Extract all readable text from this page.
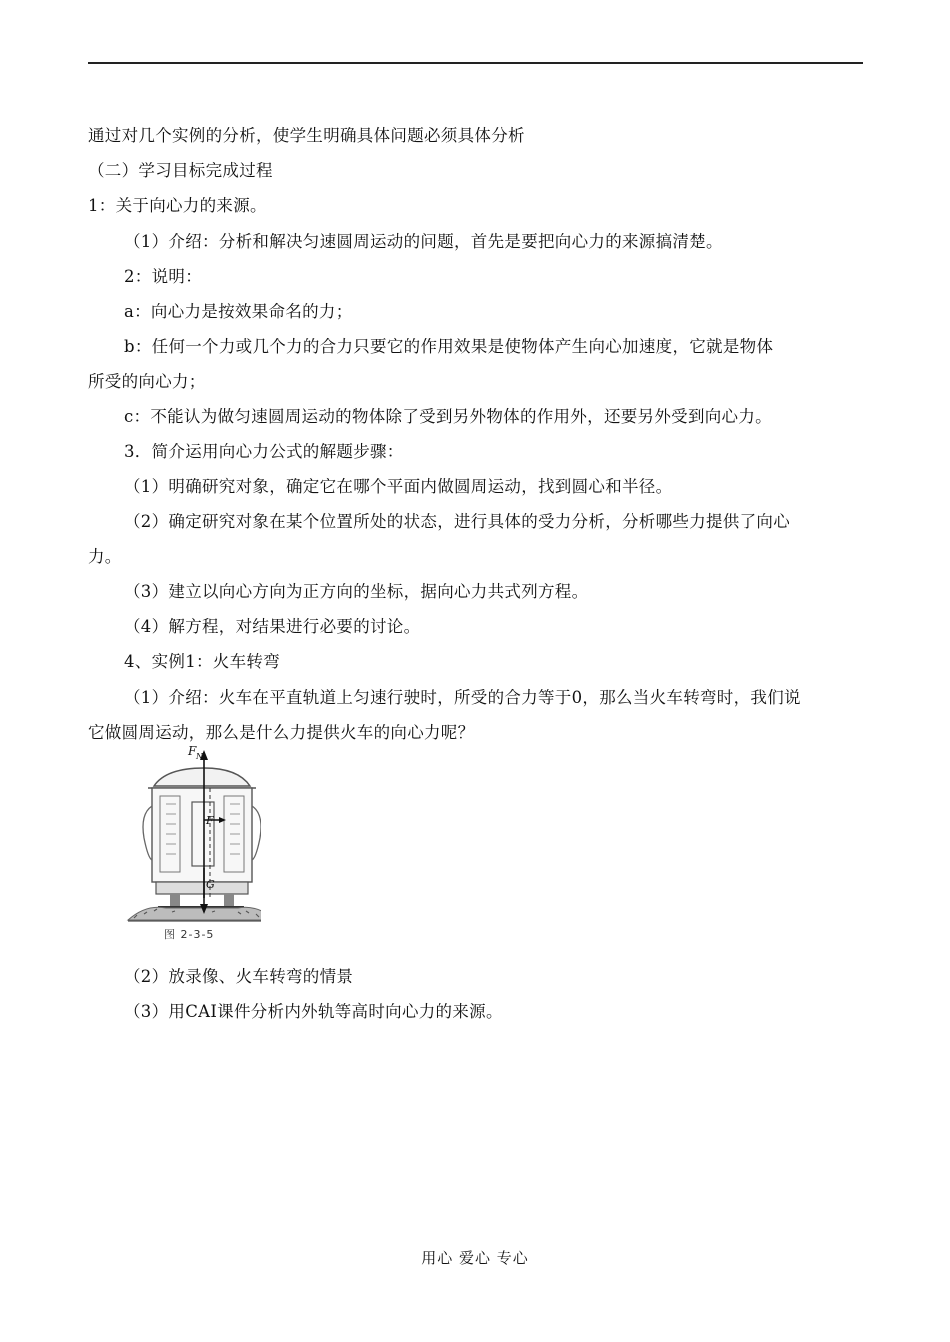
通过对几个实例的分析，使学生明确具体问题必须具体分析
（二）学习目标完成过程
1：关于向心力的来源。
（1）介绍：分析和解决匀速圆周运动的问题，首先是要把向心力的来源搞清楚。
2：说明：
a：向心力是按效果命名的力；
b：任何一个力或几个力的合力只要它的作用效果是使物体产生向心加速度，它就是物体
所受的向心力；
c：不能认为做匀速圆周运动的物体除了受到另外物体的作用外，还要另外受到向心力。
3．简介运用向心力公式的解题步骤：
（1）明确研究对象，确定它在哪个平面内做圆周运动，找到圆心和半径。
（2）确定研究对象在某个位置所处的状态，进行具体的受力分析，分析哪些力提供了向心
力。
（3）建立以向心方向为正方向的坐标，据向心力共式列方程。
（4）解方程，对结果进行必要的讨论。
4、实例1：火车转弯
（1）介绍：火车在平直轨道上匀速行驶时，所受的合力等于0，那么当火车转弯时，我们说
它做圆周运动，那么是什么力提供火车的向心力呢？
F N
F
G
图 2-3-5
（2）放录像、火车转弯的情景
（3）用CAI课件分析内外轨等高时向心力的来源。
用心 爱心 专心
